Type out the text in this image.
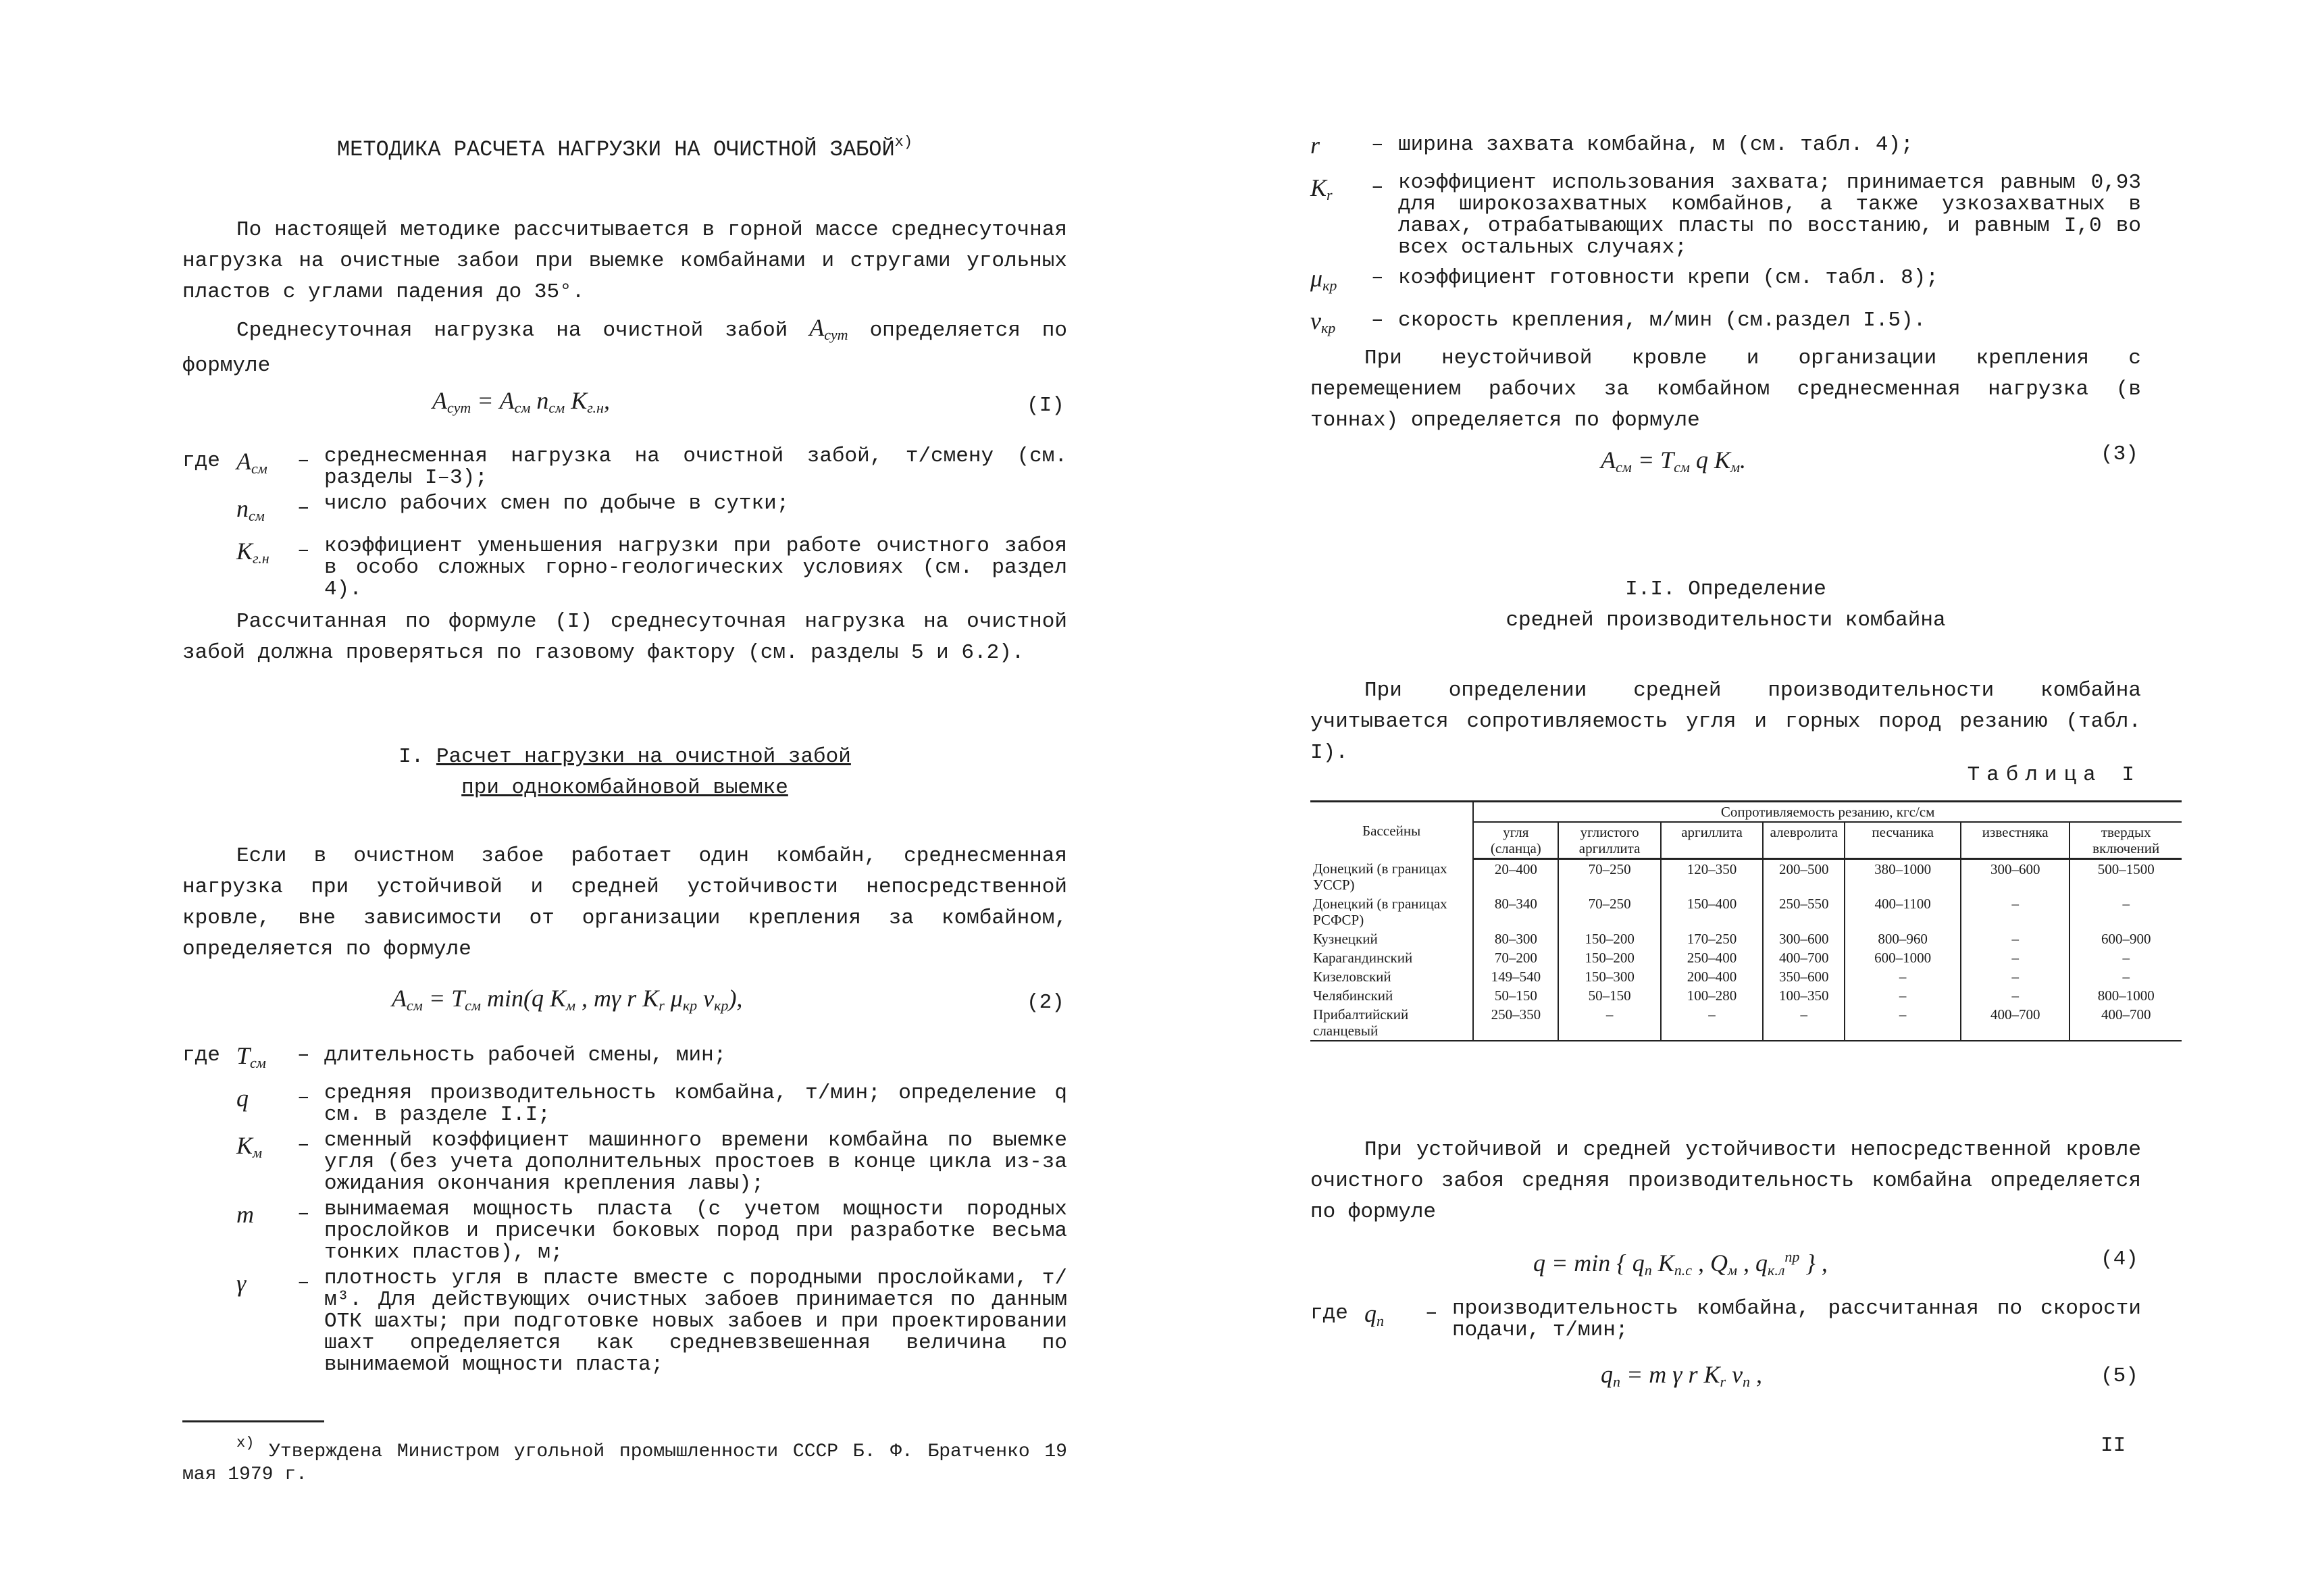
МЕТОДИКА РАСЧЕТА НАГРУЗКИ НА ОЧИСТНОЙ ЗАБОЙ$^{x)}$

По настоящей методике рассчитывается в горной массе среднесуточная нагрузка на очистные забои при выемке комбайнами и стругами угольных пластов с углами падения до 35°.

Среднесуточная нагрузка на очистной забой $A_{сут}$ определяется по формуле

$A_{сут} = A_{см}$ $n_{см}$ $K_{г.н}$,	(I)
где $A_{см}$	– среднесменная нагрузка на очистной забой, т/смену (см. разделы I–3);
$n_{см}$	– число рабочих смен по добыче в сутки;
$K_{г.н}$	– коэффициент уменьшения нагрузки при работе очистного забоя в особо сложных горно-геологических условиях (см. раздел 4).

Рассчитанная по формуле (I) среднесуточная нагрузка на очистной забой должна проверяться по газовому фактору (см. разделы 5 и 6.2).

I. Расчет нагрузки на очистной забой
при однокомбайновой выемке

Если в очистном забое работает один комбайн, среднесменная нагрузка при устойчивой и средней устойчивости непосредственной кровле, вне зависимости от организации крепления за комбайном, определяется по формуле

$A_{см} = T_{см}$ min(q $K_м$ , mγ r $K_r$ $\mu_{кр}$ $v_{кр}$),	(2)
где $T_{см}$	– длительность рабочей смены, мин;
q	– средняя производительность комбайна, т/мин; определение q см. в разделе I.I;
$K_м$	– сменный коэффициент машинного времени комбайна по выемке угля (без учета дополнительных простоев в конце цикла из-за ожидания окончания крепления лавы);
m	– вынимаемая мощность пласта (с учетом мощности породных прослойков и присечки боковых пород при разработке весьма тонких пластов), м;
γ	– плотность угля в пласте вместе с породными прослойками, т/м³. Для действующих очистных забоев принимается по данным ОТК шахты; при подготовке новых забоев и при проектировании шахт определяется как средневзвешенная величина по вынимаемой мощности пласта;

$^{x)}$ Утверждена Министром угольной промышленности СССР Б. Ф. Братченко 19 мая 1979 г.

r	– ширина захвата комбайна, м (см. табл. 4);
$K_r$	– коэффициент использования захвата; принимается равным 0,93 для широкозахватных комбайнов, а также узкозахватных в лавах, отрабатывающих пласты по восстанию, и равным I,0 во всех остальных случаях;
$\mu_{кр}$	– коэффициент готовности крепи (см. табл. 8);
$v_{кр}$	– скорость крепления, м/мин (см.раздел I.5).

При неустойчивой кровле и организации крепления с перемещением рабочих за комбайном среднесменная нагрузка (в тоннах) определяется по формуле

$A_{см} = T_{см}$ q $K_м$.	(3)
I.I. Определение
средней производительности комбайна

При определении средней производительности комбайна учитывается сопротивляемость угля и горных пород резанию (табл. I).

Таблица I
Бассейны	Сопротивляемость резанию, кгс/см						
	угля (сланца)	углистого аргиллита	аргиллита	алевролита	песчаника	известняка	твердых включений
Донецкий (в границах УССР)	20–400	70–250	120–350	200–500	380–1000	300–600	500–1500
Донецкий (в границах РСФСР)	80–340	70–250	150–400	250–550	400–1100	–	–
Кузнецкий	80–300	150–200	170–250	300–600	800–960	–	600–900
Карагандинский	70–200	150–200	250–400	400–700	600–1000	–	–
Кизеловский	149–540	150–300	200–400	350–600	–	–	–
Челябинский	50–150	50–150	100–280	100–350	–	–	800–1000
Прибалтийский сланцевый	250–350	–	–	–	–	400–700	400–700

При устойчивой и средней устойчивости непосредственной кровле очистного забоя средняя производительность комбайна определяется по формуле

q = min { $q_п$ $K_{п.с}$ , $Q_м$ , $q_{к.л}^{пр}$ } ,	(4)
где $q_п$	– производительность комбайна, рассчитанная по скорости подачи, т/мин;
$q_п = m$ γ r $K_r$ $v_п$ ,	(5)
II
